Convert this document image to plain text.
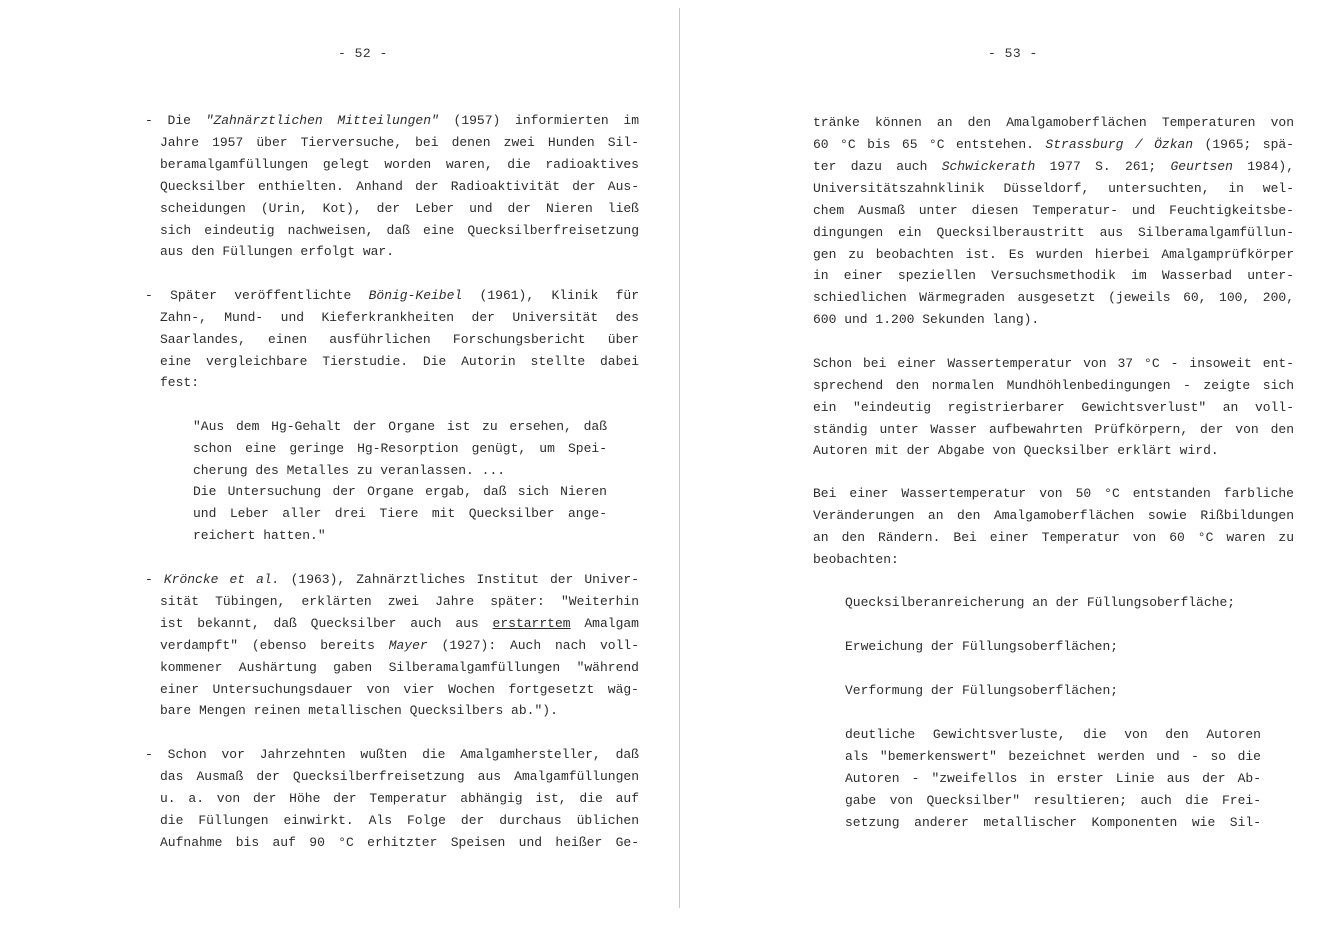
- 52 -
- Die "Zahnärztlichen Mitteilungen" (1957) informierten im
Jahre 1957 über Tierversuche, bei denen zwei Hunden Sil-
beramalgamfüllungen gelegt worden waren, die radioaktives
Quecksilber enthielten. Anhand der Radioaktivität der Aus-
scheidungen (Urin, Kot), der Leber und der Nieren ließ
sich eindeutig nachweisen, daß eine Quecksilberfreisetzung
aus den Füllungen erfolgt war.
- Später veröffentlichte Bönig-Keibel (1961), Klinik für
Zahn-, Mund- und Kieferkrankheiten der Universität des
Saarlandes, einen ausführlichen Forschungsbericht über
eine vergleichbare Tierstudie. Die Autorin stellte dabei
fest:
"Aus dem Hg-Gehalt der Organe ist zu ersehen, daß
schon eine geringe Hg-Resorption genügt, um Spei-
cherung des Metalles zu veranlassen. ...
Die Untersuchung der Organe ergab, daß sich Nieren
und Leber aller drei Tiere mit Quecksilber ange-
reichert hatten."
- Kröncke et al. (1963), Zahnärztliches Institut der Univer-
sität Tübingen, erklärten zwei Jahre später: "Weiterhin
ist bekannt, daß Quecksilber auch aus erstarrtem Amalgam
verdampft" (ebenso bereits Mayer (1927): Auch nach voll-
kommener Aushärtung gaben Silberamalgamfüllungen "während
einer Untersuchungsdauer von vier Wochen fortgesetzt wäg-
bare Mengen reinen metallischen Quecksilbers ab.").
- Schon vor Jahrzehnten wußten die Amalgamhersteller, daß
das Ausmaß der Quecksilberfreisetzung aus Amalgamfüllungen
u. a. von der Höhe der Temperatur abhängig ist, die auf
die Füllungen einwirkt. Als Folge der durchaus üblichen
Aufnahme bis auf 90 °C erhitzter Speisen und heißer Ge-
- 53 -
tränke können an den Amalgamoberflächen Temperaturen von
60 °C bis 65 °C entstehen. Strassburg / Özkan (1965; spä-
ter dazu auch Schwickerath 1977 S. 261; Geurtsen 1984),
Universitätszahnklinik Düsseldorf, untersuchten, in wel-
chem Ausmaß unter diesen Temperatur- und Feuchtigkeitsbe-
dingungen ein Quecksilberaustritt aus Silberamalgamfüllun-
gen zu beobachten ist. Es wurden hierbei Amalgamprüfkörper
in einer speziellen Versuchsmethodik im Wasserbad unter-
schiedlichen Wärmegraden ausgesetzt (jeweils 60, 100, 200,
600 und 1.200 Sekunden lang).
Schon bei einer Wassertemperatur von 37 °C - insoweit ent-
sprechend den normalen Mundhöhlenbedingungen - zeigte sich
ein "eindeutig registrierbarer Gewichtsverlust" an voll-
ständig unter Wasser aufbewahrten Prüfkörpern, der von den
Autoren mit der Abgabe von Quecksilber erklärt wird.
Bei einer Wassertemperatur von 50 °C entstanden farbliche
Veränderungen an den Amalgamoberflächen sowie Rißbildungen
an den Rändern. Bei einer Temperatur von 60 °C waren zu
beobachten:
Quecksilberanreicherung an der Füllungsoberfläche;
Erweichung der Füllungsoberflächen;
Verformung der Füllungsoberflächen;
deutliche Gewichtsverluste, die von den Autoren
als "bemerkenswert" bezeichnet werden und - so die
Autoren - "zweifellos in erster Linie aus der Ab-
gabe von Quecksilber" resultieren; auch die Frei-
setzung anderer metallischer Komponenten wie Sil-
